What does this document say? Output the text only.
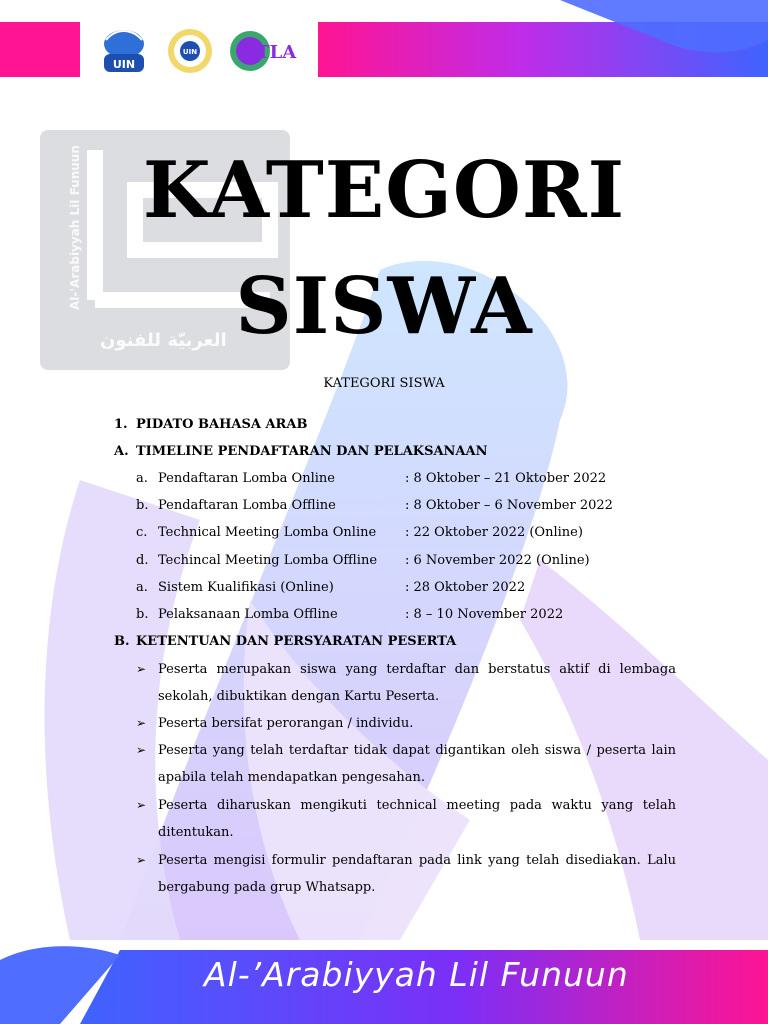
Al-'Arabiyyah Lil Funuun
العربيّة للفنون
UIN
UIN	ITLA
KATEGORI
SISWA
KATEGORI SISWA
1. PIDATO BAHASA ARAB
A. TIMELINE PENDAFTARAN DAN PELAKSANAAN
a. Pendaftaran Lomba Online	: 8 Oktober – 21 Oktober 2022
b. Pendaftaran Lomba Offline	: 8 Oktober – 6 November 2022
c. Technical Meeting Lomba Online : 22 Oktober 2022 (Online)
d. Techincal Meeting Lomba Offline : 6 November 2022 (Online)
a. Sistem Kualifikasi (Online)	: 28 Oktober 2022
b. Pelaksanaan Lomba Offline	: 8 – 10 November 2022
B. KETENTUAN DAN PERSYARATAN PESERTA
➢ Peserta merupakan siswa yang terdaftar dan berstatus aktif di lembaga sekolah, dibuktikan dengan Kartu Peserta.
➢ Peserta bersifat perorangan / individu.
➢ Peserta yang telah terdaftar tidak dapat digantikan oleh siswa / peserta lain apabila telah mendapatkan pengesahan.
➢ Peserta diharuskan mengikuti technical meeting pada waktu yang telah ditentukan.
➢ Peserta mengisi formulir pendaftaran pada link yang telah disediakan. Lalu bergabung pada grup Whatsapp.
Al-’Arabiyyah Lil Funuun
